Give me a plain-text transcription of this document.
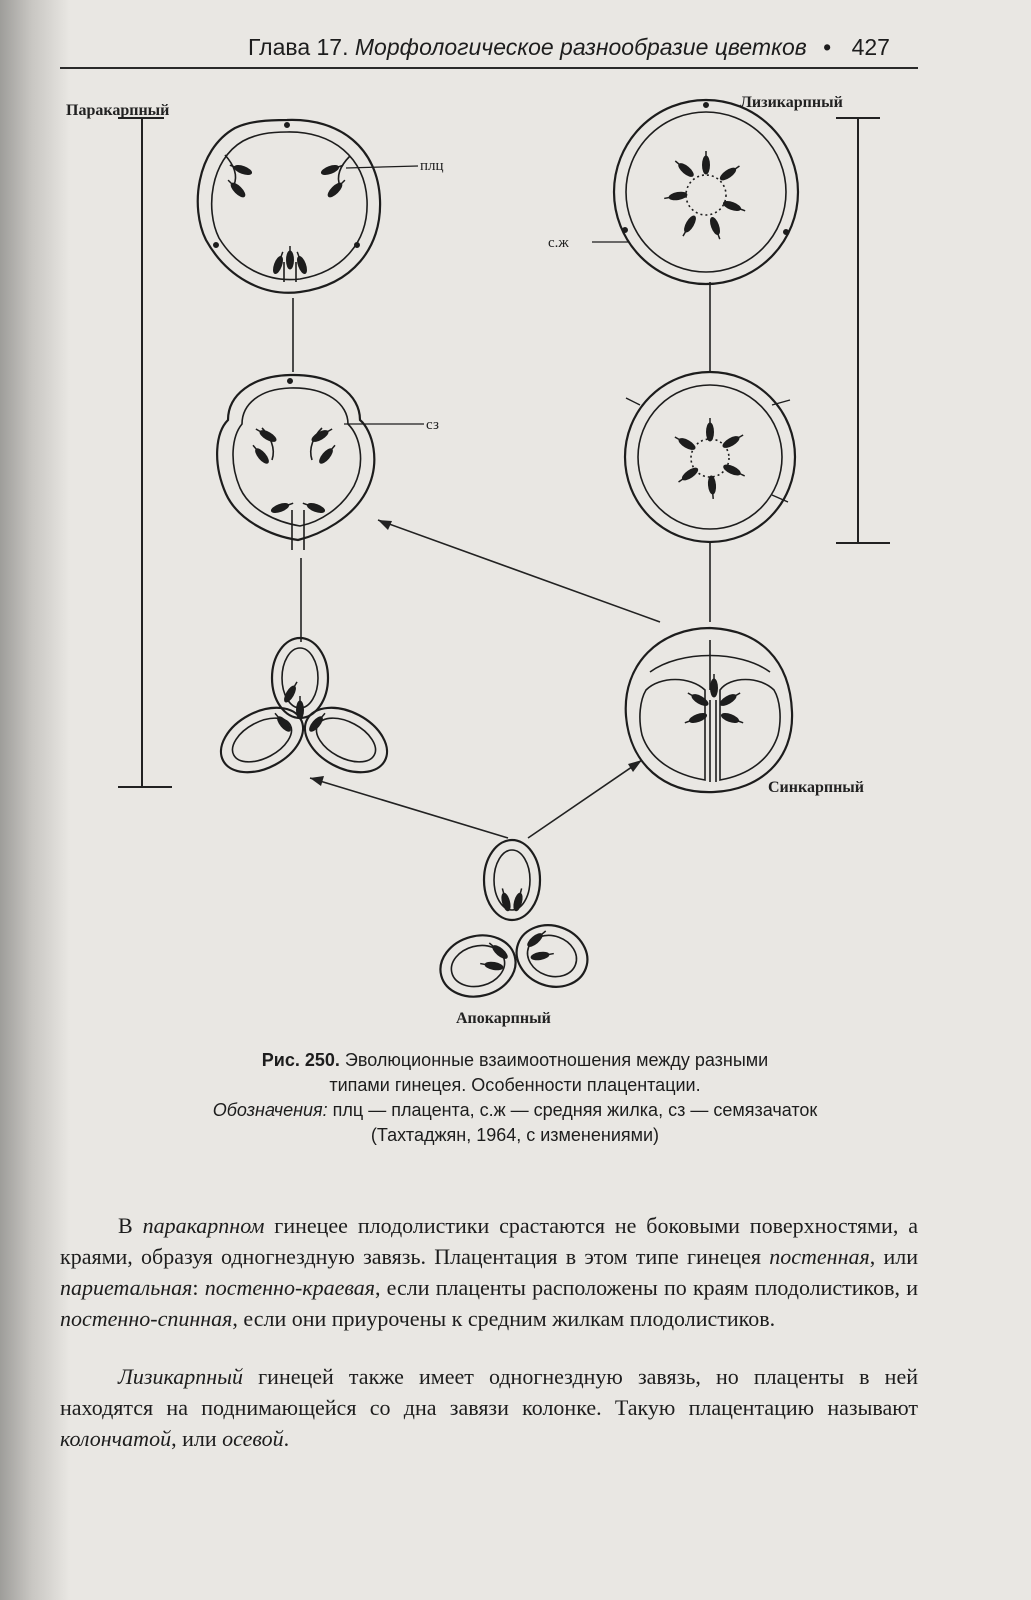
Глава 17. Морфологическое разнообразие цветков • 427
Паракарпный	Лизикарпный
Синкарпный
Апокарпный
плц
сз
с.ж
Рис. 250. Эволюционные взаимоотношения между разными
типами гинецея. Особенности плацентации.
Обозначения: плц — плацента, с.ж — средняя жилка, сз — семязачаток
(Тахтаджян, 1964, с изменениями)

В паракарпном гинецее плодолистики срастаются не боковыми поверхностями, а краями, образуя одногнездную завязь. Плацентация в этом типе гинецея постенная, или париетальная: постенно-краевая, если плаценты расположены по краям плодолистиков, и постенно-спинная, если они приурочены к средним жилкам плодолистиков.

Лизикарпный гинецей также имеет одногнездную завязь, но плаценты в ней находятся на поднимающейся со дна завязи колонке. Такую плацентацию называют колончатой, или осевой.
